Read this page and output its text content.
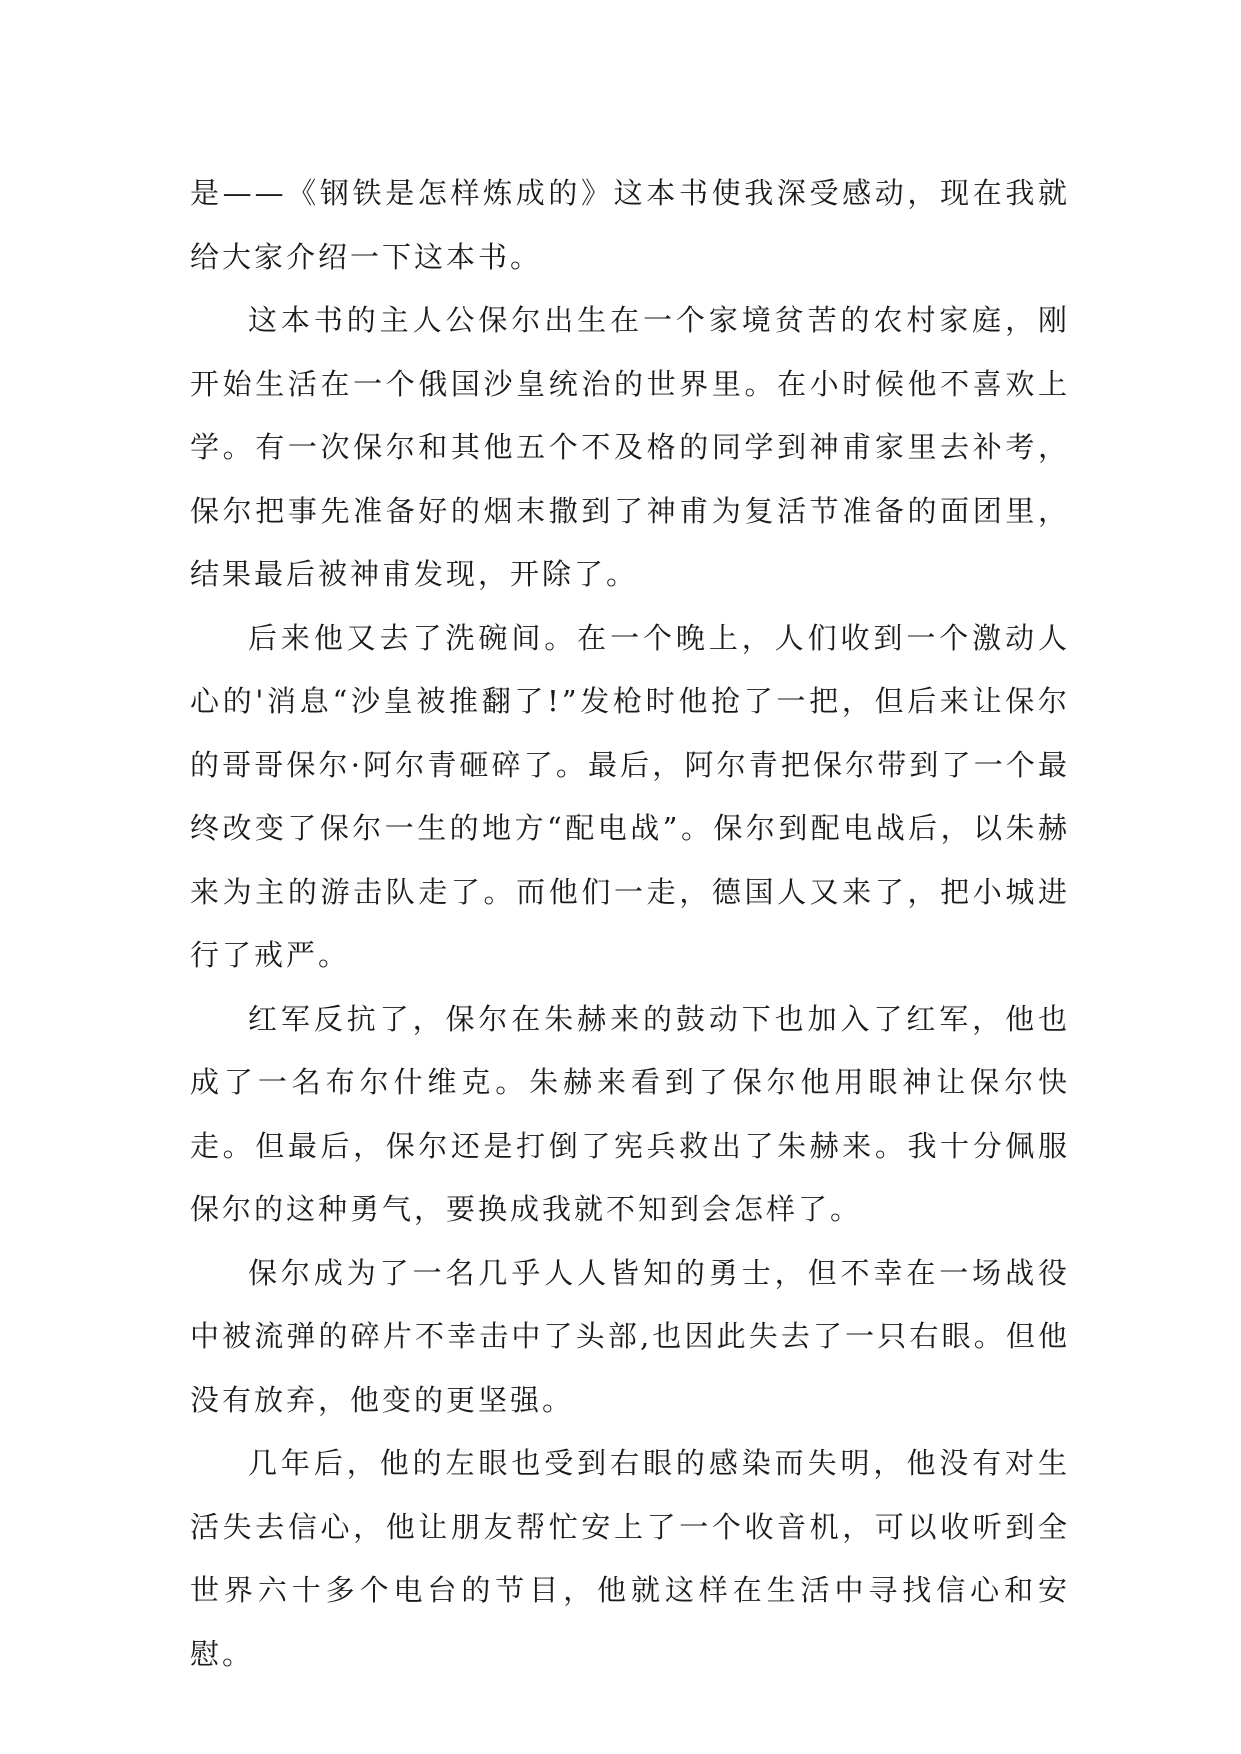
是——《钢铁是怎样炼成的》这本书使我深受感动，现在我就给大家介绍一下这本书。

这本书的主人公保尔出生在一个家境贫苦的农村家庭，刚开始生活在一个俄国沙皇统治的世界里。在小时候他不喜欢上学。有一次保尔和其他五个不及格的同学到神甫家里去补考，保尔把事先准备好的烟末撒到了神甫为复活节准备的面团里，结果最后被神甫发现，开除了。

后来他又去了洗碗间。在一个晚上，人们收到一个激动人心的'消息“沙皇被推翻了!”发枪时他抢了一把，但后来让保尔的哥哥保尔·阿尔青砸碎了。最后，阿尔青把保尔带到了一个最终改变了保尔一生的地方“配电战”。保尔到配电战后，以朱赫来为主的游击队走了。而他们一走，德国人又来了，把小城进行了戒严。

红军反抗了，保尔在朱赫来的鼓动下也加入了红军，他也成了一名布尔什维克。朱赫来看到了保尔他用眼神让保尔快走。但最后，保尔还是打倒了宪兵救出了朱赫来。我十分佩服保尔的这种勇气，要换成我就不知到会怎样了。

保尔成为了一名几乎人人皆知的勇士，但不幸在一场战役中被流弹的碎片不幸击中了头部,也因此失去了一只右眼。但他没有放弃，他变的更坚强。

几年后，他的左眼也受到右眼的感染而失明，他没有对生活失去信心，他让朋友帮忙安上了一个收音机，可以收听到全世界六十多个电台的节目，他就这样在生活中寻找信心和安慰。
